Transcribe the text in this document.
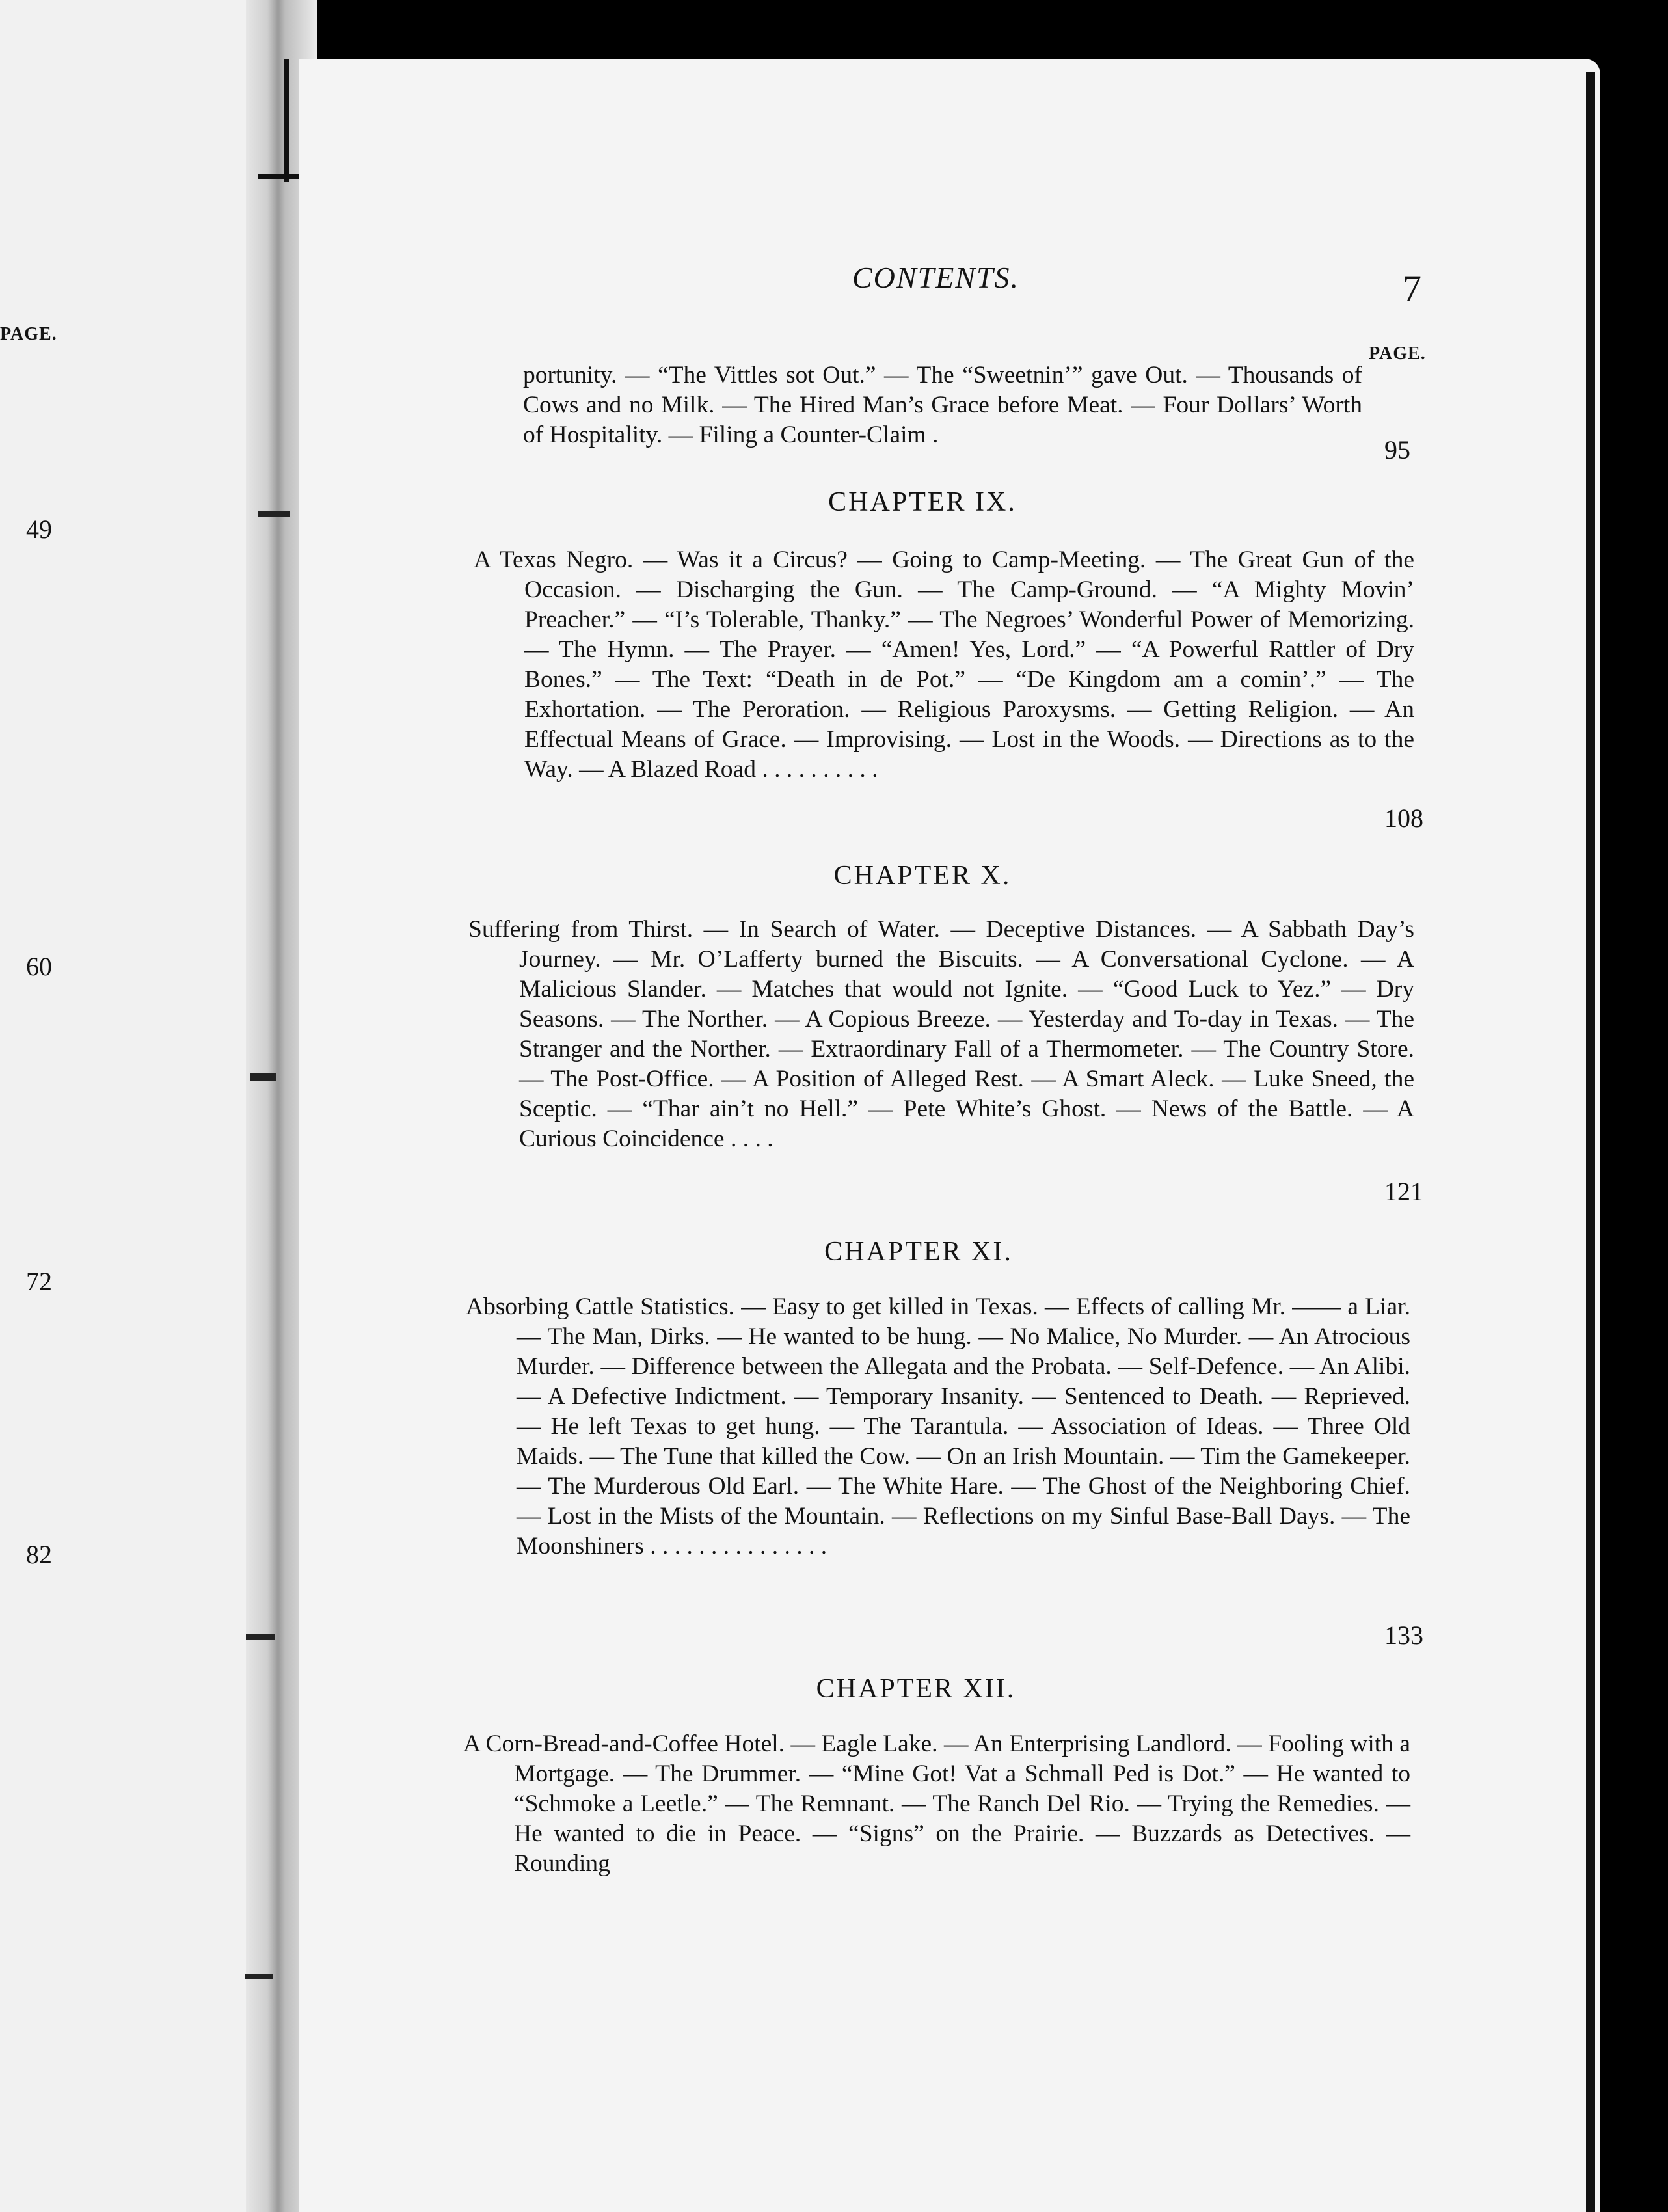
PAGE.
49
60
72
82
CONTENTS.	7
PAGE.
portunity. — “The Vittles sot Out.” — The “Sweetnin’” gave Out. — Thousands of Cows and no Milk. — The Hired Man’s Grace before Meat. — Four Dollars’ Worth of Hospitality. — Filing a Counter-Claim .
95
CHAPTER IX.
A Texas Negro. — Was it a Circus? — Going to Camp-Meeting. — The Great Gun of the Occasion. — Discharging the Gun. — The Camp-Ground. — “A Mighty Movin’ Preacher.” — “I’s Tolerable, Thanky.” — The Negroes’ Wonderful Power of Memorizing. — The Hymn. — The Prayer. — “Amen! Yes, Lord.” — “A Powerful Rattler of Dry Bones.” — The Text: “Death in de Pot.” — “De Kingdom am a comin’.” — The Exhortation. — The Peroration. — Religious Paroxysms. — Getting Religion. — An Effectual Means of Grace. — Improvising. — Lost in the Woods. — Directions as to the Way. — A Blazed Road . . . . . . . . . .
108
CHAPTER X.
Suffering from Thirst. — In Search of Water. — Deceptive Distances. — A Sabbath Day’s Journey. — Mr. O’Lafferty burned the Biscuits. — A Conversational Cyclone. — A Malicious Slander. — Matches that would not Ignite. — “Good Luck to Yez.” — Dry Seasons. — The Norther. — A Copious Breeze. — Yesterday and To-day in Texas. — The Stranger and the Norther. — Extraordinary Fall of a Thermometer. — The Country Store. — The Post-Office. — A Position of Alleged Rest. — A Smart Aleck. — Luke Sneed, the Sceptic. — “Thar ain’t no Hell.” — Pete White’s Ghost. — News of the Battle. — A Curious Coincidence . . . .
121
CHAPTER XI.
Absorbing Cattle Statistics. — Easy to get killed in Texas. — Effects of calling Mr. —— a Liar. — The Man, Dirks. — He wanted to be hung. — No Malice, No Murder. — An Atrocious Murder. — Difference between the Allegata and the Probata. — Self-Defence. — An Alibi. — A Defective Indictment. — Temporary Insanity. — Sentenced to Death. — Reprieved. — He left Texas to get hung. — The Tarantula. — Association of Ideas. — Three Old Maids. — The Tune that killed the Cow. — On an Irish Mountain. — Tim the Gamekeeper. — The Murderous Old Earl. — The White Hare. — The Ghost of the Neighboring Chief. — Lost in the Mists of the Mountain. — Reflections on my Sinful Base-Ball Days. — The Moonshiners . . . . . . . . . . . . . . .
133
CHAPTER XII.
A Corn-Bread-and-Coffee Hotel. — Eagle Lake. — An Enterprising Landlord. — Fooling with a Mortgage. — The Drummer. — “Mine Got! Vat a Schmall Ped is Dot.” — He wanted to “Schmoke a Leetle.” — The Remnant. — The Ranch Del Rio. — Trying the Remedies. — He wanted to die in Peace. — “Signs” on the Prairie. — Buzzards as Detectives. — Rounding
